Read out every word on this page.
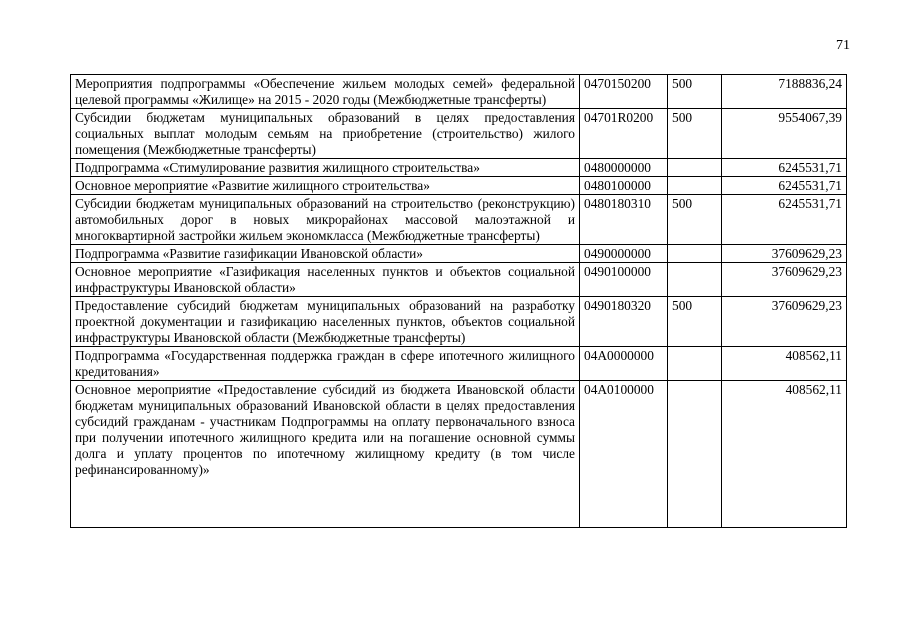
71
Мероприятия подпрограммы «Обеспечение жильем молодых семей» федеральной целевой программы «Жилище» на 2015 - 2020 годы (Межбюджетные трансферты)	0470150200	500	7188836,24
Субсидии бюджетам муниципальных образований в целях предоставления социальных выплат молодым семьям на приобретение (строительство) жилого помещения (Межбюджетные трансферты)	04701R0200	500	9554067,39
Подпрограмма «Стимулирование развития жилищного строительства»	0480000000		6245531,71
Основное мероприятие «Развитие жилищного строительства»	0480100000		6245531,71
Субсидии бюджетам муниципальных образований на строительство (реконструкцию) автомобильных дорог в новых микрорайонах массовой малоэтажной и многоквартирной застройки жильем экономкласса (Межбюджетные трансферты)	0480180310	500	6245531,71
Подпрограмма «Развитие газификации Ивановской области»	0490000000		37609629,23
Основное мероприятие «Газификация населенных пунктов и объектов социальной инфраструктуры Ивановской области»	0490100000		37609629,23
Предоставление субсидий бюджетам муниципальных образований на разработку проектной документации и газификацию населенных пунктов, объектов социальной инфраструктуры Ивановской области (Межбюджетные трансферты)	0490180320	500	37609629,23
Подпрограмма «Государственная поддержка граждан в сфере ипотечного жилищного кредитования»	04А0000000		408562,11
Основное мероприятие «Предоставление субсидий из бюджета Ивановской области бюджетам муниципальных образований Ивановской области в целях предоставления субсидий гражданам - участникам Подпрограммы на оплату первоначального взноса при получении ипотечного жилищного кредита или на погашение основной суммы долга и уплату процентов по ипотечному жилищному кредиту (в том числе рефинансированному)»	04А0100000		408562,11
